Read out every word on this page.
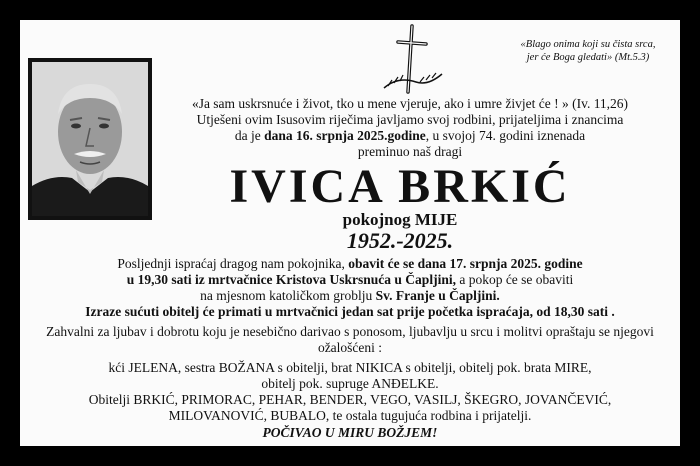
«Blago onima koji su čista srca,
jer će Boga gledati» (Mt.5.3)
«Ja sam uskrsnuće i život, tko u mene vjeruje, ako i umre živjet će ! » (Iv. 11,26)
Utješeni ovim Isusovim riječima javljamo svoj rodbini, prijateljima i znancima
da je dana 16. srpnja 2025.godine, u svojoj 74. godini iznenada
preminuo naš dragi
IVICA BRKIĆ
pokojnog MIJE
1952.-2025.
Posljednji ispraćaj dragog nam pokojnika, obavit će se dana 17. srpnja 2025. godine
u 19,30 sati iz mrtvačnice Kristova Uskrsnuća u Čapljini, a pokop će se obaviti
na mjesnom katoličkom groblju Sv. Franje u Čapljini.
Izraze sućuti obitelj će primati u mrtvačnici jedan sat prije početka ispraćaja, od 18,30 sati .
Zahvalni za ljubav i dobrotu koju je nesebično darivao s ponosom, ljubavlju u srcu i molitvi opraštaju se njegovi
ožalošćeni :
kći JELENA, sestra BOŽANA s obitelji, brat NIKICA s obitelji, obitelj pok. brata MIRE,
obitelj pok. supruge ANĐELKE.
Obitelji BRKIĆ, PRIMORAC, PEHAR, BENDER, VEGO, VASILJ, ŠKEGRO, JOVANČEVIĆ,
MILOVANOVIĆ, BUBALO, te ostala tugujuća rodbina i prijatelji.
POČIVAO U MIRU BOŽJEM!
